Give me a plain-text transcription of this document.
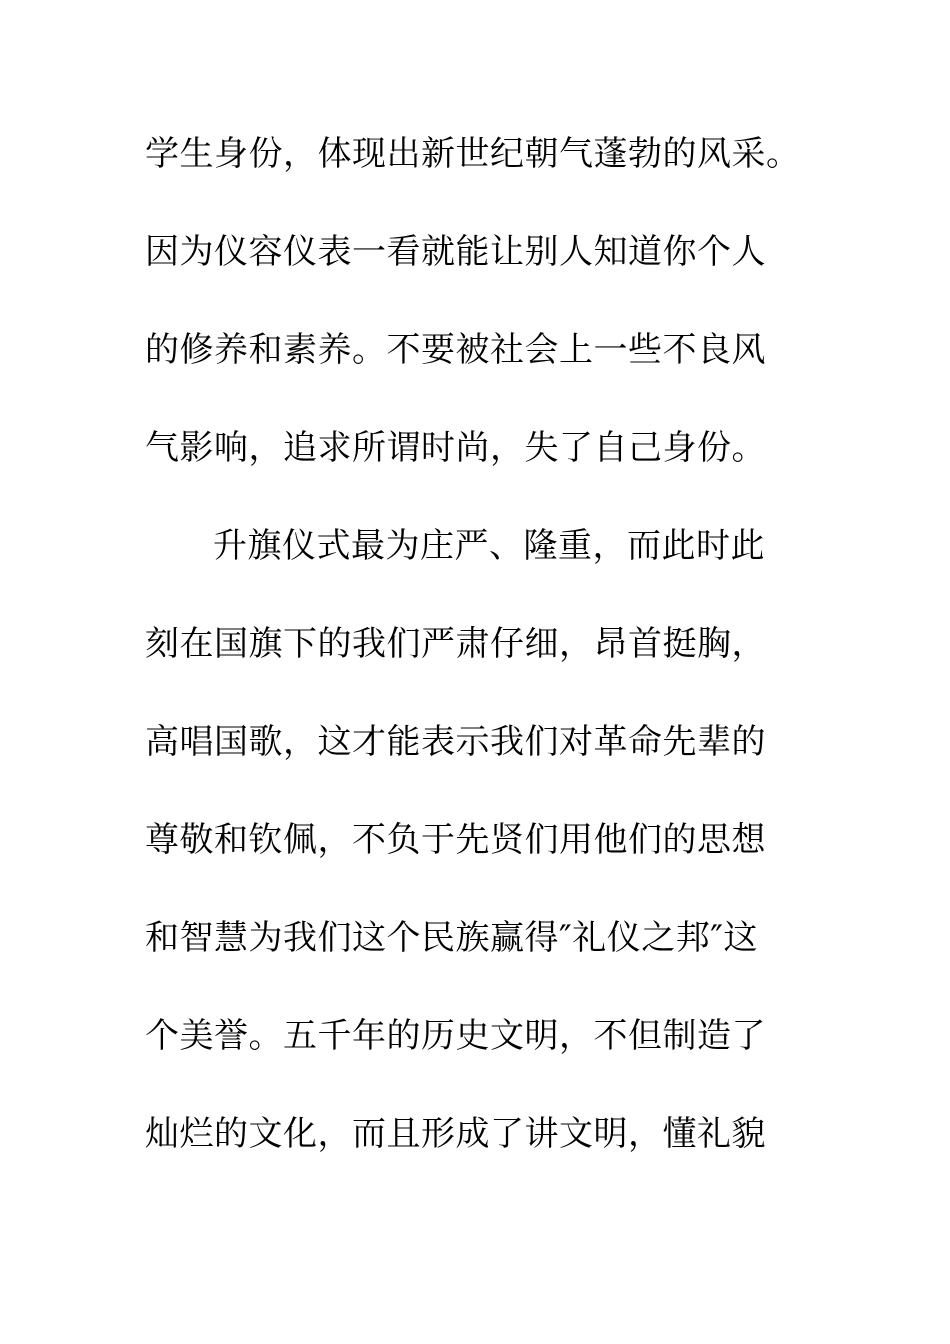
学生身份，体现出新世纪朝气蓬勃的风采。
因为仪容仪表一看就能让别人知道你个人
的修养和素养。不要被社会上一些不良风
气影响，追求所谓时尚，失了自己身份。
升旗仪式最为庄严、隆重，而此时此
刻在国旗下的我们严肃仔细，昂首挺胸，
高唱国歌，这才能表示我们对革命先辈的
尊敬和钦佩，不负于先贤们用他们的思想
和智慧为我们这个民族赢得″礼仪之邦″这
个美誉。五千年的历史文明，不但制造了
灿烂的文化，而且形成了讲文明，懂礼貌
